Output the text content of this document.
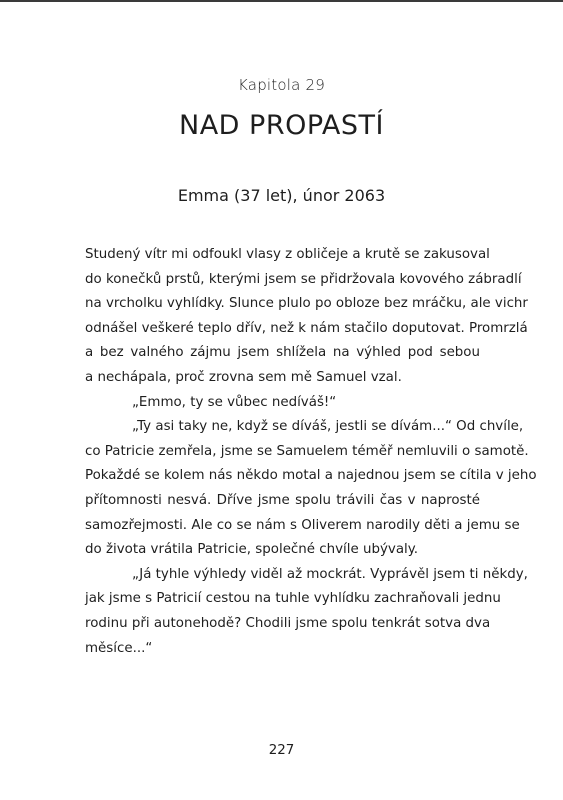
Kapitola 29
NAD PROPASTÍ
Emma (37 let), únor 2063
Studený vítr mi odfoukl vlasy z obličeje a krutě se zakusoval
do konečků prstů, kterými jsem se přidržovala kovového zábradlí
na vrcholku vyhlídky. Slunce plulo po obloze bez mráčku, ale vichr
odnášel veškeré teplo dřív, než k nám stačilo doputovat. Promrzlá
a bez valného zájmu jsem shlížela na výhled pod sebou
a nechápala, proč zrovna sem mě Samuel vzal.
„Emmo, ty se vůbec nedíváš!“
„Ty asi taky ne, když se díváš, jestli se dívám...“ Od chvíle,
co Patricie zemřela, jsme se Samuelem téměř nemluvili o samotě.
Pokaždé se kolem nás někdo motal a najednou jsem se cítila v jeho
přítomnosti nesvá. Dříve jsme spolu trávili čas v naprosté
samozřejmosti. Ale co se nám s Oliverem narodily děti a jemu se
do života vrátila Patricie, společné chvíle ubývaly.
„Já tyhle výhledy viděl až mockrát. Vyprávěl jsem ti někdy,
jak jsme s Patricií cestou na tuhle vyhlídku zachraňovali jednu
rodinu při autonehodě? Chodili jsme spolu tenkrát sotva dva
měsíce...“
227
